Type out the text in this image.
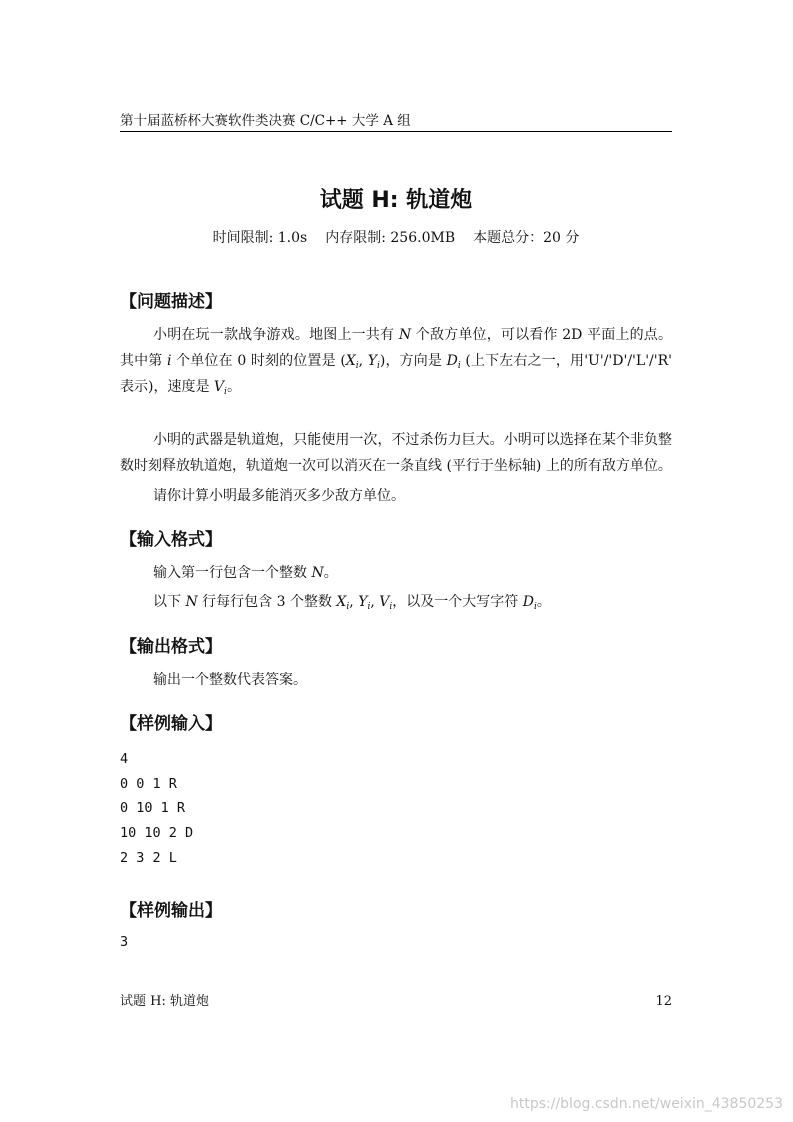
第十届蓝桥杯大赛软件类决赛 C/C++ 大学 A 组
试题 H: 轨道炮
时间限制: 1.0s 内存限制: 256.0MB 本题总分：20 分
【问题描述】
小明在玩一款战争游戏。地图上一共有 N 个敌方单位，可以看作 2D 平面上的点。其中第 i 个单位在 0 时刻的位置是 ($X_i$, $Y_i$)，方向是 $D_i$ (上下左右之一，用'U'/'D'/'L'/'R' 表示)，速度是 $V_i$。
小明的武器是轨道炮，只能使用一次，不过杀伤力巨大。小明可以选择在某个非负整数时刻释放轨道炮，轨道炮一次可以消灭在一条直线 (平行于坐标轴) 上的所有敌方单位。
请你计算小明最多能消灭多少敌方单位。
【输入格式】
输入第一行包含一个整数 N。
以下 N 行每行包含 3 个整数 $X_i$, $Y_i$, $V_i$，以及一个大写字符 $D_i$。
【输出格式】
输出一个整数代表答案。
【样例输入】
4
0 0 1 R
0 10 1 R
10 10 2 D
2 3 2 L
【样例输出】
3
试题 H: 轨道炮	12
https://blog.csdn.net/weixin_43850253
